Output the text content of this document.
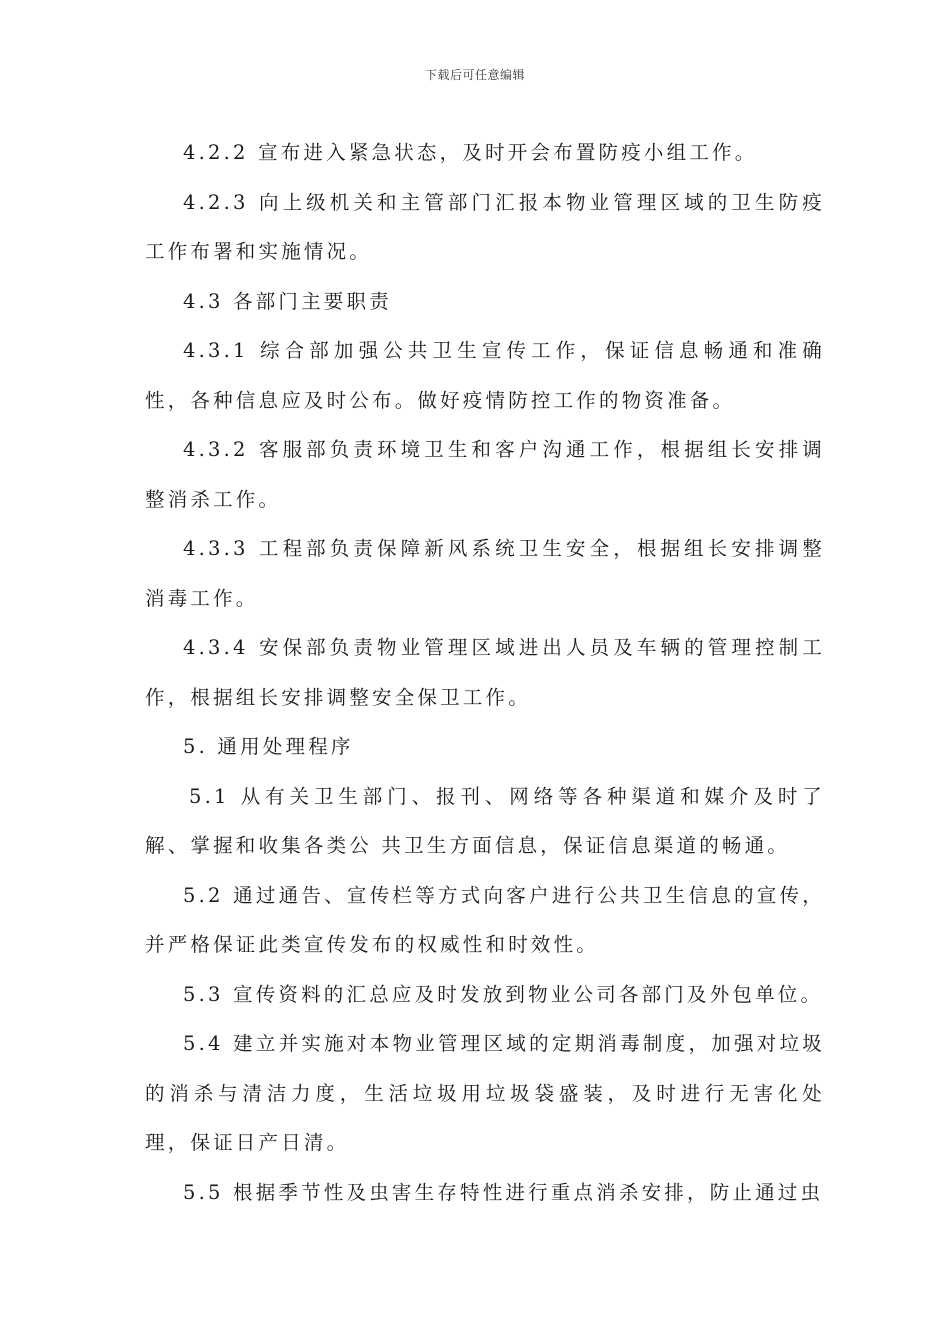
下载后可任意编辑

4.2.2 宣布进入紧急状态，及时开会布置防疫小组工作。

4.2.3 向上级机关和主管部门汇报本物业管理区域的卫生防疫工作布署和实施情况。

4.3 各部门主要职责

4.3.1 综合部加强公共卫生宣传工作，保证信息畅通和准确性，各种信息应及时公布。做好疫情防控工作的物资准备。

4.3.2 客服部负责环境卫生和客户沟通工作，根据组长安排调整消杀工作。

4.3.3 工程部负责保障新风系统卫生安全，根据组长安排调整消毒工作。

4.3.4 安保部负责物业管理区域进出人员及车辆的管理控制工作，根据组长安排调整安全保卫工作。

5. 通用处理程序

5.1 从有关卫生部门、报刊、网络等各种渠道和媒介及时了解、掌握和收集各类公 共卫生方面信息，保证信息渠道的畅通。

5.2 通过通告、宣传栏等方式向客户进行公共卫生信息的宣传，并严格保证此类宣传发布的权威性和时效性。

5.3 宣传资料的汇总应及时发放到物业公司各部门及外包单位。

5.4 建立并实施对本物业管理区域的定期消毒制度，加强对垃圾的消杀与清洁力度，生活垃圾用垃圾袋盛装，及时进行无害化处理，保证日产日清。

5.5 根据季节性及虫害生存特性进行重点消杀安排，防止通过虫
